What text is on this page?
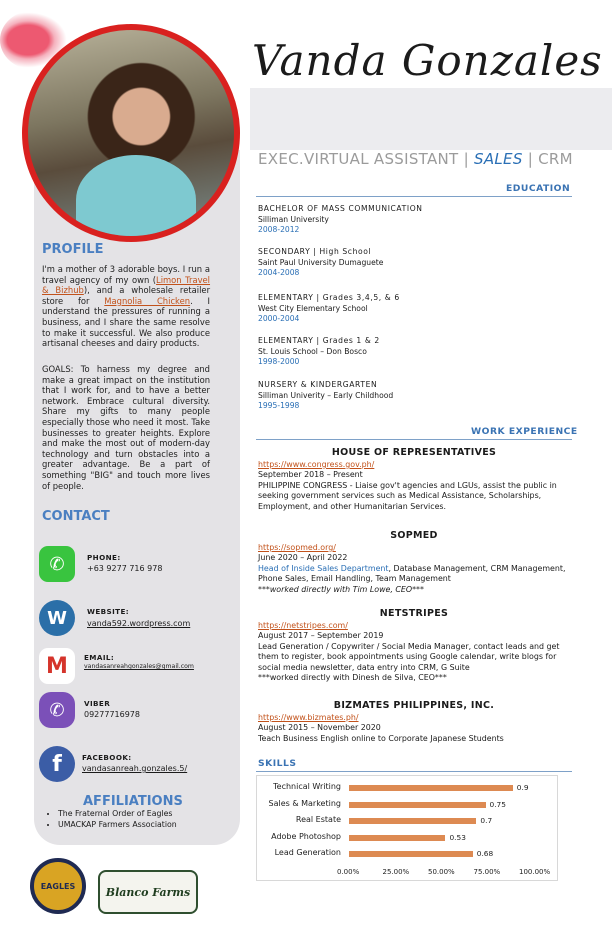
Vanda Gonzales
EXEC.VIRTUAL ASSISTANT | SALES | CRM
PROFILE
I'm a mother of 3 adorable boys. I run a travel agency of my own (Limon Travel & Bizhub), and a wholesale retailer store for Magnolia Chicken. I understand the pressures of running a business, and I share the same resolve to make it successful. We also produce artisanal cheeses and dairy products.
GOALS: To harness my degree and make a great impact on the institution that I work for, and to have a better network. Embrace cultural diversity. Share my gifts to many people especially those who need it most. Take businesses to greater heights. Explore and make the most out of modern-day technology and turn obstacles into a greater advantage. Be a part of something "BIG" and touch more lives of people.
CONTACT
✆	PHONE:
+63 9277 716 978
W	WEBSITE:
vanda592.wordpress.com
M	EMAIL:
vandasanreahgonzales@gmail.com
✆	VIBER
09277716978
f	FACEBOOK:
vandasanreah.gonzales.5/
AFFILIATIONS
• The Fraternal Order of Eagles
• UMACKAP Farmers Association
EAGLES	Blanco Farms
EDUCATION
BACHELOR OF MASS COMMUNICATION
Silliman University
2008-2012
SECONDARY | High School
Saint Paul University Dumaguete
2004-2008
ELEMENTARY | Grades 3,4,5, & 6
West City Elementary School
2000-2004
ELEMENTARY | Grades 1 & 2
St. Louis School – Don Bosco
1998-2000
NURSERY & KINDERGARTEN
Silliman Univerity – Early Childhood
1995-1998
WORK EXPERIENCE
HOUSE OF REPRESENTATIVES
https://www.congress.gov.ph/
September 2018 – Present
PHILIPPINE CONGRESS - Liaise gov't agencies and LGUs, assist the public in seeking government services such as Medical Assistance, Scholarships, Employment, and other Humanitarian Services.
SOPMED
https://sopmed.org/
June 2020 – April 2022
Head of Inside Sales Department, Database Management, CRM Management, Phone Sales, Email Handling, Team Management
***worked directly with Tim Lowe, CEO***
NETSTRIPES
https://netstripes.com/
August 2017 – September 2019
Lead Generation / Copywriter / Social Media Manager, contact leads and get them to register, book appointments using Google calendar, write blogs for social media newsletter, data entry into CRM, G Suite
***worked directly with Dinesh de Silva, CEO***
BIZMATES PHILIPPINES, INC.
https://www.bizmates.ph/
August 2015 – November 2020
Teach Business English online to Corporate Japanese Students
SKILLS
Technical Writing	0.9
Sales & Marketing	0.75
Real Estate	0.7
Adobe Photoshop	0.53
Lead Generation	0.68
0.00%	25.00%	50.00%	75.00%	100.00%
